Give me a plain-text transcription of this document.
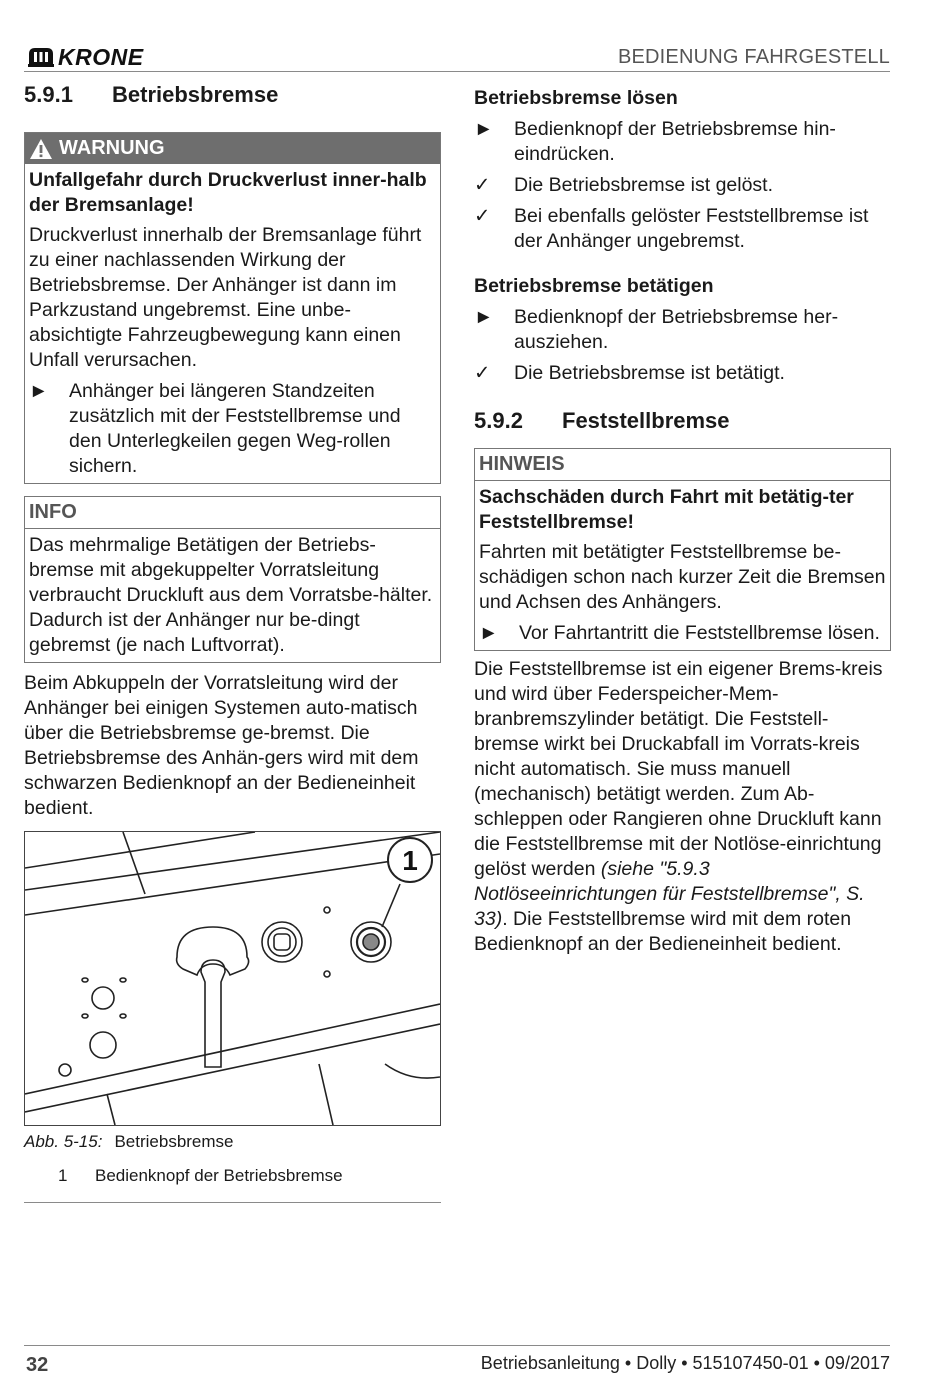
KRONE	BEDIENUNG FAHRGESTELL
5.9.1	Betriebsbremse
WARNUNG
Unfallgefahr durch Druckverlust inner-halb der Bremsanlage!

Druckverlust innerhalb der Bremsanlage führt zu einer nachlassenden Wirkung der Betriebsbremse. Der Anhänger ist dann im Parkzustand ungebremst. Eine unbe-absichtigte Fahrzeugbewegung kann einen Unfall verursachen.

►	Anhänger bei längeren Standzeiten zusätzlich mit der Feststellbremse und den Unterlegkeilen gegen Weg-rollen sichern.
INFO

Das mehrmalige Betätigen der Betriebs-bremse mit abgekuppelter Vorratsleitung verbraucht Druckluft aus dem Vorratsbe-hälter. Dadurch ist der Anhänger nur be-dingt gebremst (je nach Luftvorrat).

Beim Abkuppeln der Vorratsleitung wird der Anhänger bei einigen Systemen auto-matisch über die Betriebsbremse ge-bremst. Die Betriebsbremse des Anhän-gers wird mit dem schwarzen Bedienknopf an der Bedieneinheit bedient.

1
Abb. 5-15: Betriebsbremse
1	Bedienknopf der Betriebsbremse
Betriebsbremse lösen
►	Bedienknopf der Betriebsbremse hin-eindrücken.
✓	Die Betriebsbremse ist gelöst.
✓	Bei ebenfalls gelöster Feststellbremse ist der Anhänger ungebremst.
Betriebsbremse betätigen
►	Bedienknopf der Betriebsbremse her-ausziehen.
✓	Die Betriebsbremse ist betätigt.
5.9.2	Feststellbremse
HINWEIS
Sachschäden durch Fahrt mit betätig-ter Feststellbremse!

Fahrten mit betätigter Feststellbremse be-schädigen schon nach kurzer Zeit die Bremsen und Achsen des Anhängers.

►	Vor Fahrtantritt die Feststellbremse lösen.

Die Feststellbremse ist ein eigener Brems-kreis und wird über Federspeicher-Mem-branbremszylinder betätigt. Die Feststell-bremse wirkt bei Druckabfall im Vorrats-kreis nicht automatisch. Sie muss manuell (mechanisch) betätigt werden. Zum Ab-schleppen oder Rangieren ohne Druckluft kann die Feststellbremse mit der Notlöse-einrichtung gelöst werden (siehe "5.9.3 Notlöseeinrichtungen für Feststellbremse", S. 33). Die Feststellbremse wird mit dem roten Bedienknopf an der Bedieneinheit bedient.

32	Betriebsanleitung • Dolly • 515107450-01 • 09/2017
